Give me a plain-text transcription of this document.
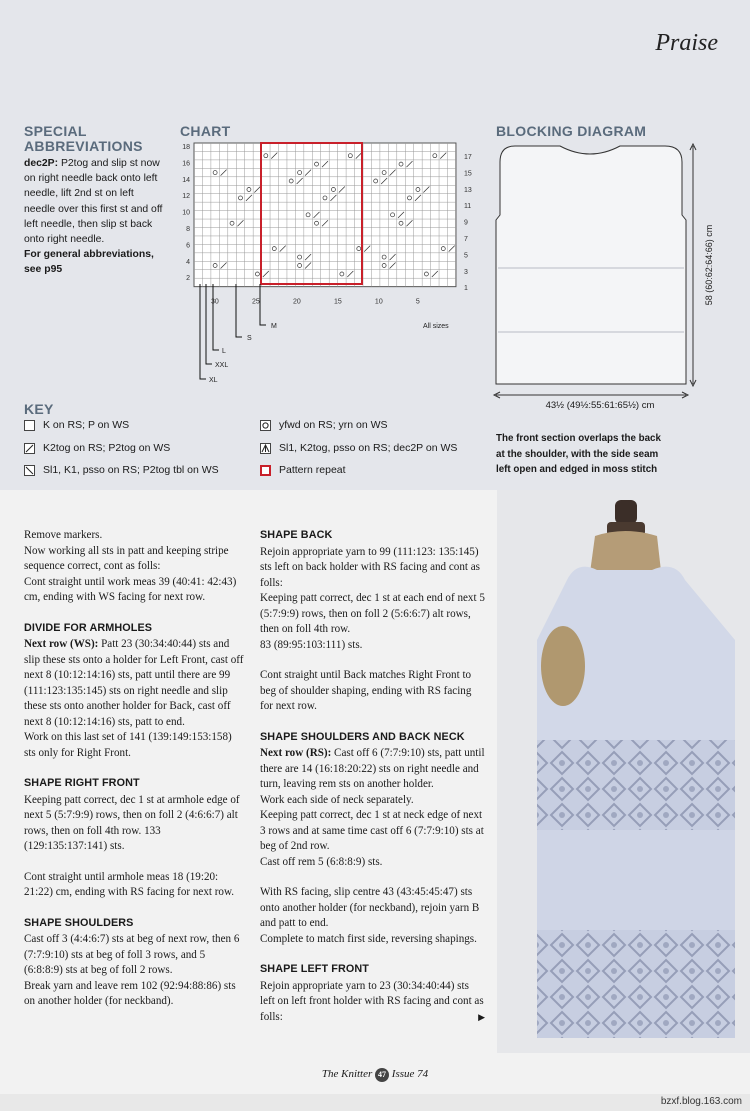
Praise
SPECIAL
ABBREVIATIONS
dec2P: P2tog and slip st now on right needle back onto left needle, lift 2nd st on left needle over this first st and off left needle, then slip st back onto right needle.
For general abbreviations, see p95
CHART
18
16
14
12
10
8
6
4
2
17
15
13
11
9
7
5
3
1
30	25	20	15	10	5
M
S
L
XXL
XL
All sizes
BLOCKING DIAGRAM
58 (60:62:64:66) cm
43½ (49½:55:61:65½) cm
The front section overlaps the back at the shoulder, with the side seam left open and edged in moss stitch
KEY
K on RS; P on WS
K2tog on RS; P2tog on WS
Sl1, K1, psso on RS; P2tog tbl on WS
yfwd on RS; yrn on WS
Sl1, K2tog, psso on RS; dec2P on WS
Pattern repeat

Remove markers.
Now working all sts in patt and keeping stripe sequence correct, cont as folls:
Cont straight until work meas 39 (40:41: 42:43) cm, ending with WS facing for next row.

DIVIDE FOR ARMHOLES

Next row (WS): Patt 23 (30:34:40:44) sts and slip these sts onto a holder for Left Front, cast off next 8 (10:12:14:16) sts, patt until there are 99 (111:123:135:145) sts on right needle and slip these sts onto another holder for Back, cast off next 8 (10:12:14:16) sts, patt to end.

Work on this last set of 141 (139:149:153:158) sts only for Right Front.

SHAPE RIGHT FRONT

Keeping patt correct, dec 1 st at armhole edge of next 5 (5:7:9:9) rows, then on foll 2 (4:6:6:7) alt rows, then on foll 4th row. 133 (129:135:137:141) sts.

Cont straight until armhole meas 18 (19:20: 21:22) cm, ending with RS facing for next row.

SHAPE SHOULDERS

Cast off 3 (4:4:6:7) sts at beg of next row, then 6 (7:7:9:10) sts at beg of foll 3 rows, and 5 (6:8:8:9) sts at beg of foll 2 rows.
Break yarn and leave rem 102 (92:94:88:86) sts on another holder (for neckband).

SHAPE BACK

Rejoin appropriate yarn to 99 (111:123: 135:145) sts left on back holder with RS facing and cont as folls:
Keeping patt correct, dec 1 st at each end of next 5 (5:7:9:9) rows, then on foll 2 (5:6:6:7) alt rows, then on foll 4th row.
83 (89:95:103:111) sts.

Cont straight until Back matches Right Front to beg of shoulder shaping, ending with RS facing for next row.

SHAPE SHOULDERS AND BACK NECK

Next row (RS): Cast off 6 (7:7:9:10) sts, patt until there are 14 (16:18:20:22) sts on right needle and turn, leaving rem sts on another holder.
Work each side of neck separately.
Keeping patt correct, dec 1 st at neck edge of next 3 rows and at same time cast off 6 (7:7:9:10) sts at beg of 2nd row.
Cast off rem 5 (6:8:8:9) sts.

With RS facing, slip centre 43 (43:45:45:47) sts onto another holder (for neckband), rejoin yarn B and patt to end.
Complete to match first side, reversing shapings.

SHAPE LEFT FRONT

Rejoin appropriate yarn to 23 (30:34:40:44) sts left on left front holder with RS facing and cont as folls:	▶

The Knitter 47 Issue 74
bzxf.blog.163.com
